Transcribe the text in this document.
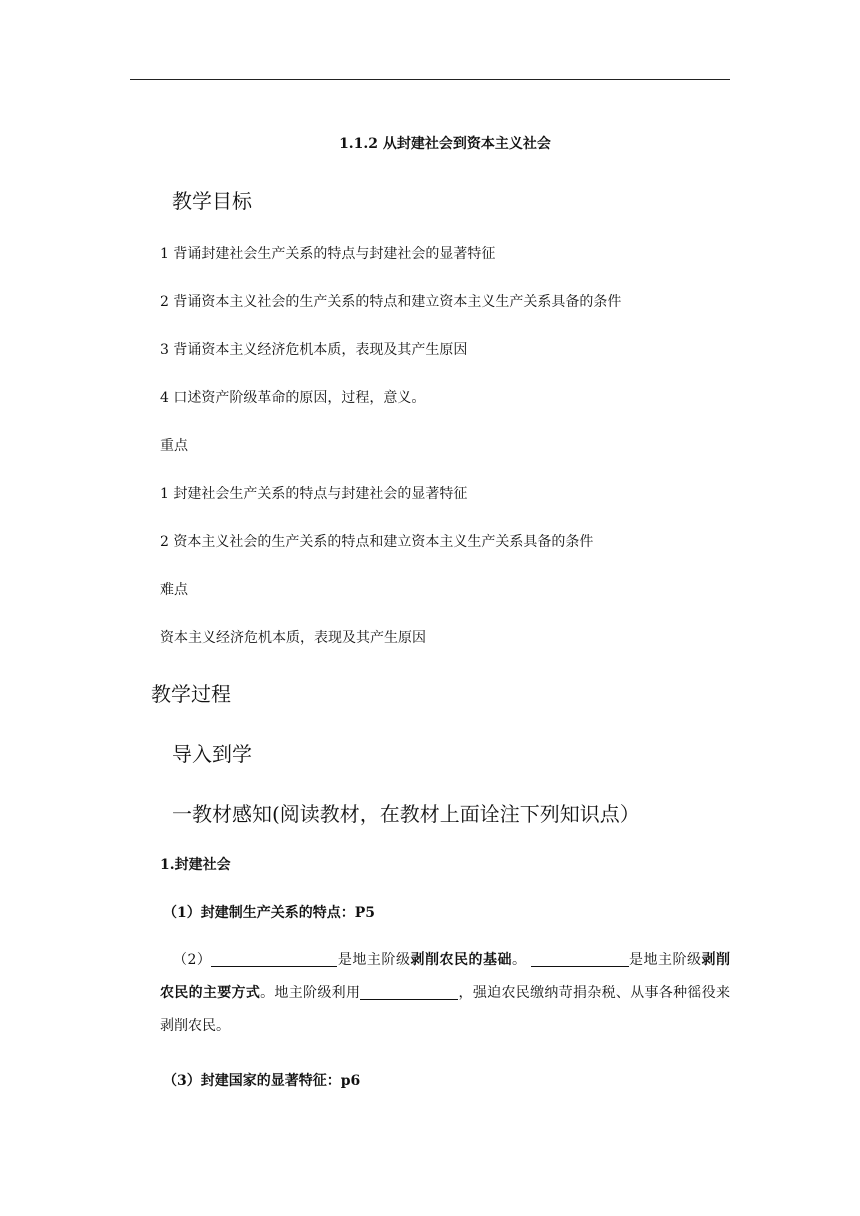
1.1.2 从封建社会到资本主义社会
教学目标
1 背诵封建社会生产关系的特点与封建社会的显著特征
2 背诵资本主义社会的生产关系的特点和建立资本主义生产关系具备的条件
3 背诵资本主义经济危机本质，表现及其产生原因
4 口述资产阶级革命的原因，过程，意义。
重点
1 封建社会生产关系的特点与封建社会的显著特征
2 资本主义社会的生产关系的特点和建立资本主义生产关系具备的条件
难点
资本主义经济危机本质，表现及其产生原因
教学过程
导入到学
一教材感知(阅读教材，在教材上面诠注下列知识点）
1.封建社会
（1）封建制生产关系的特点：P5
（2）	是地主阶级剥削农民的基础。	是地主阶级剥削农民的主要方式。地主阶级利用	，强迫农民缴纳苛捐杂税、从事各种徭役来剥削农民。
（3）封建国家的显著特征：p6
